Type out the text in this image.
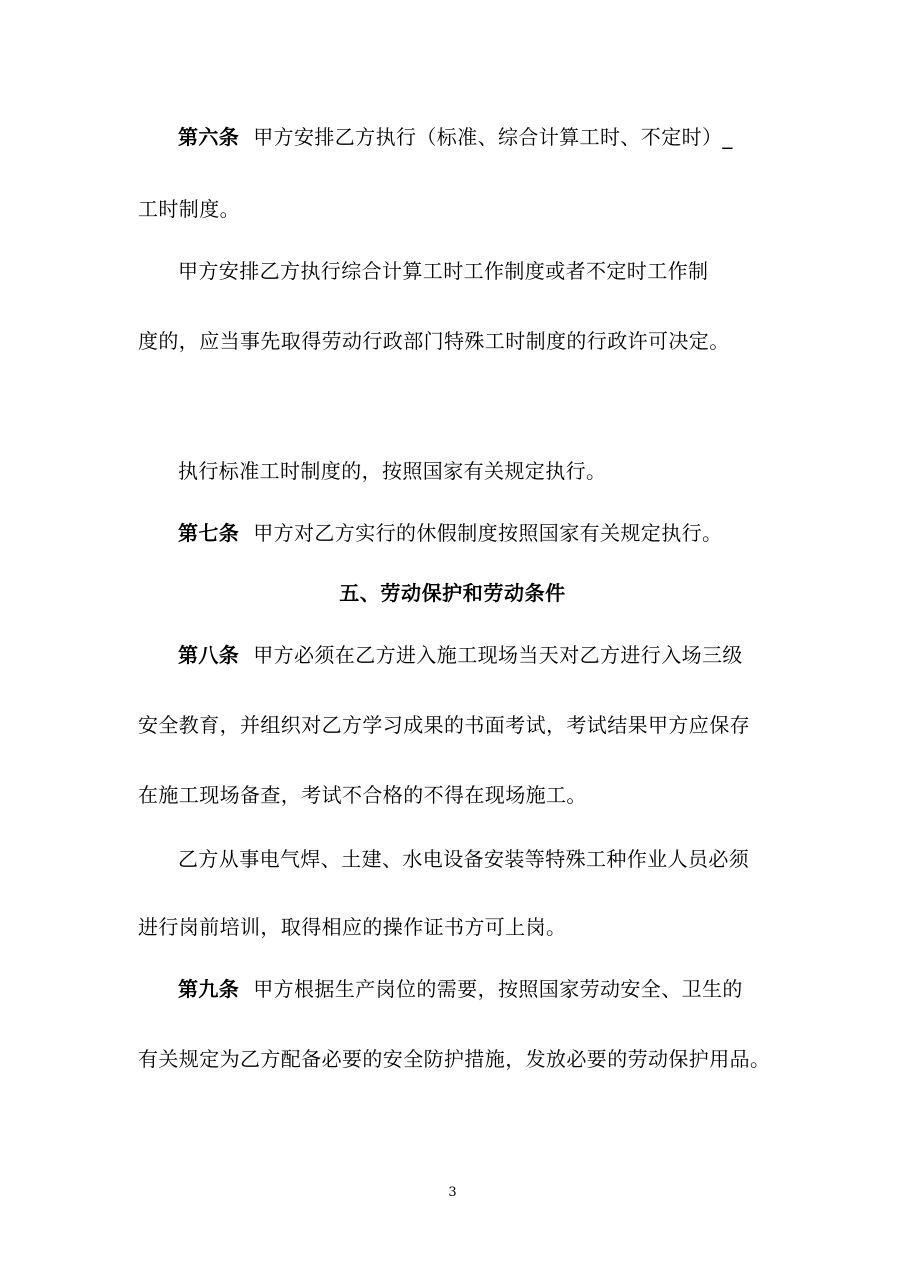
第六条 甲方安排乙方执行（标准、综合计算工时、不定时）_
工时制度。
甲方安排乙方执行综合计算工时工作制度或者不定时工作制
度的，应当事先取得劳动行政部门特殊工时制度的行政许可决定。
执行标准工时制度的，按照国家有关规定执行。
第七条 甲方对乙方实行的休假制度按照国家有关规定执行。
五、劳动保护和劳动条件
第八条 甲方必须在乙方进入施工现场当天对乙方进行入场三级
安全教育，并组织对乙方学习成果的书面考试，考试结果甲方应保存
在施工现场备查，考试不合格的不得在现场施工。
乙方从事电气焊、土建、水电设备安装等特殊工种作业人员必须
进行岗前培训，取得相应的操作证书方可上岗。
第九条 甲方根据生产岗位的需要，按照国家劳动安全、卫生的
有关规定为乙方配备必要的安全防护措施，发放必要的劳动保护用品。
3
